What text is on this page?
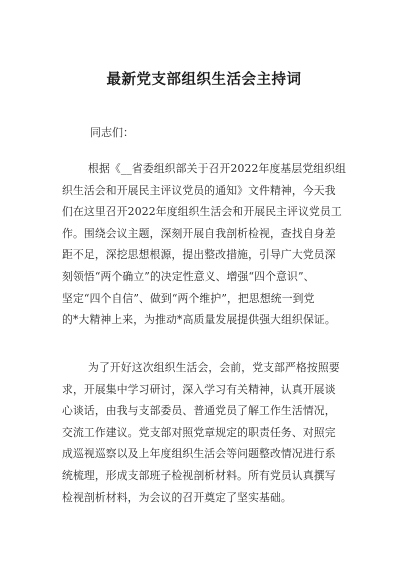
最新党支部组织生活会主持词
同志们：
根据《__省委组织部关于召开2022年度基层党组织组
织生活会和开展民主评议党员的通知》文件精神，今天我
们在这里召开2022年度组织生活会和开展民主评议党员工
作。围绕会议主题，深刻开展自我剖析检视，查找自身差
距不足，深挖思想根源，提出整改措施，引导广大党员深
刻领悟“两个确立”的决定性意义、增强“四个意识”、
坚定“四个自信”、做到“两个维护”，把思想统一到党
的*大精神上来，为推动*高质量发展提供强大组织保证。
为了开好这次组织生活会，会前，党支部严格按照要
求，开展集中学习研讨，深入学习有关精神，认真开展谈
心谈话，由我与支部委员、普通党员了解工作生活情况，
交流工作建议。党支部对照党章规定的职责任务、对照完
成巡视巡察以及上年度组织生活会等问题整改情况进行系
统梳理，形成支部班子检视剖析材料。所有党员认真撰写
检视剖析材料，为会议的召开奠定了坚实基础。
